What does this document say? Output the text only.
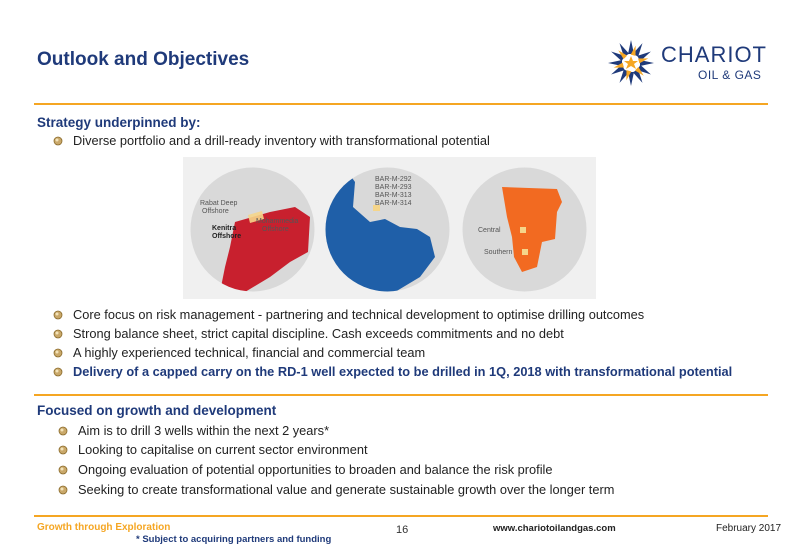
Outlook and Objectives	CHARIOT
OIL & GAS
Strategy underpinned by:
Diverse portfolio and a drill-ready inventory with transformational potential
Rabat Deep
Offshore
Kenitra
Offshore
Mohammedia
Offshore
BAR-M-292
BAR-M-293
BAR-M-313
BAR-M-314
Central
Southern
Core focus on risk management - partnering and technical development to optimise drilling outcomes
Strong balance sheet, strict capital discipline. Cash exceeds commitments and no debt
A highly experienced technical, financial and commercial team
Delivery of a capped carry on the RD-1 well expected to be drilled in 1Q, 2018 with transformational potential
Focused on growth and development
Aim is to drill 3 wells within the next 2 years*
Looking to capitalise on current sector environment
Ongoing evaluation of potential opportunities to broaden and balance the risk profile
Seeking to create transformational value and generate sustainable growth over the longer term
Growth through Exploration
* Subject to acquiring partners and funding
16	www.chariotoilandgas.com	February 2017
